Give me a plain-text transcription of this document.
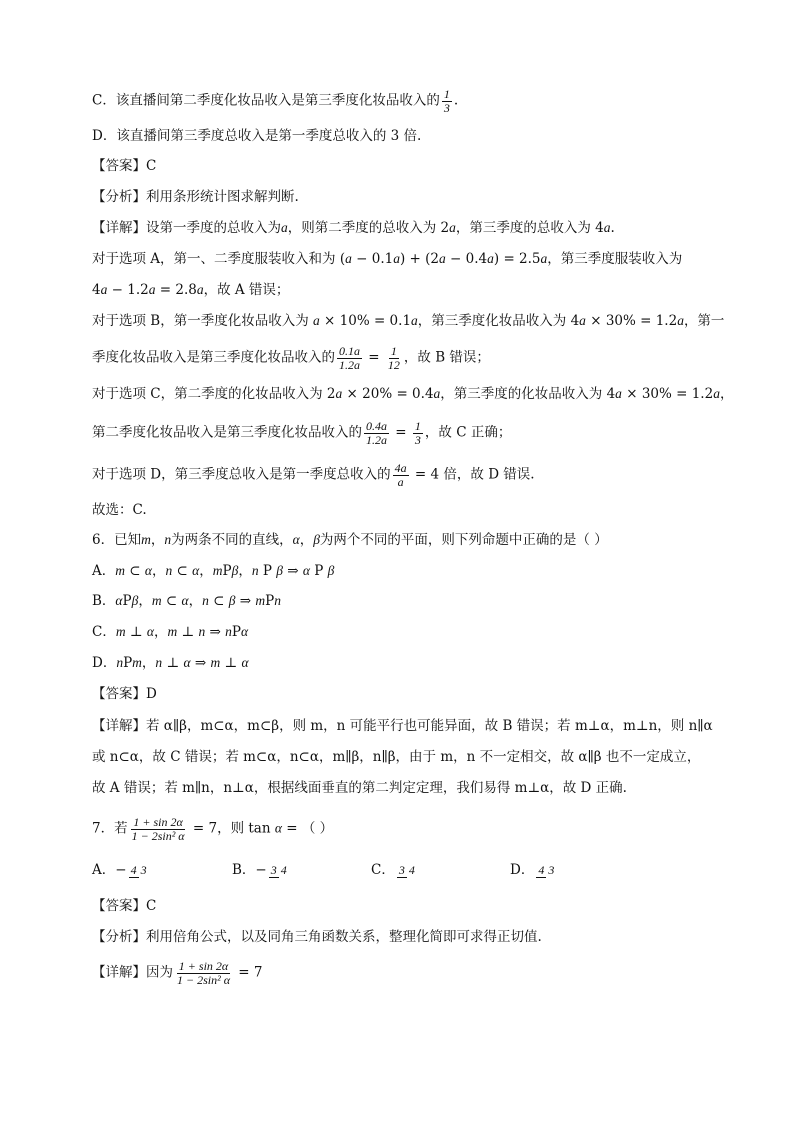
C．该直播间第二季度化妆品收入是第三季度化妆品收入的 $\frac{1}{3}$ .
D．该直播间第三季度总收入是第一季度总收入的 3 倍.
【答案】C
【分析】利用条形统计图求解判断.
【详解】设第一季度的总收入为a，则第二季度的总收入为 2a，第三季度的总收入为 4a.
对于选项 A，第一、二季度服装收入和为 (a − 0.1a) + (2a − 0.4a) = 2.5a，第三季度服装收入为
4a − 1.2a = 2.8a，故 A 错误；
对于选项 B，第一季度化妆品收入为 a × 10% = 0.1a，第三季度化妆品收入为 4a × 30% = 1.2a，第一
季度化妆品收入是第三季度化妆品收入的 $\frac{0.1a}{1.2a} = \frac{1}{12}$ ，故 B 错误；
对于选项 C，第二季度的化妆品收入为 2a × 20% = 0.4a，第三季度的化妆品收入为 4a × 30% = 1.2a，
第二季度化妆品收入是第三季度化妆品收入的 $\frac{0.4a}{1.2a} = \frac{1}{3}$ ，故 C 正确；
对于选项 D，第三季度总收入是第一季度总收入的 $\frac{4a}{a} = 4$ 倍，故 D 错误.
故选：C.
6．已知m，n为两条不同的直线，α，β为两个不同的平面，则下列命题中正确的是（ ）
A．m ⊂ α，n ⊂ α，mPβ，n P β ⇒ α P β
B．αPβ，m ⊂ α，n ⊂ β ⇒ mPn
C．m ⊥ α，m ⊥ n ⇒ nPα
D．nPm，n ⊥ α ⇒ m ⊥ α
【答案】D
【详解】若 α∥β，m⊂α，m⊂β，则 m，n 可能平行也可能异面，故 B 错误；若 m⊥α，m⊥n，则 n∥α
或 n⊂α，故 C 错误；若 m⊂α，n⊂α，m∥β，n∥β，由于 m，n 不一定相交，故 α∥β 也不一定成立，
故 A 错误；若 m∥n，n⊥α，根据线面垂直的第二判定定理，我们易得 m⊥α，故 D 正确.
7．若 $\frac{1 + \sin 2\alpha}{\text{1 − 2sin² α}} = 7$，则 tan α = （ ）
A．− 4 3	B．− 3 4	C． 3 4	D． 4 3
【答案】C
【分析】利用倍角公式，以及同角三角函数关系，整理化简即可求得正切值.
【详解】因为 $\frac{1 + \sin 2\alpha}{\text{1 − 2sin² α}} = 7$
